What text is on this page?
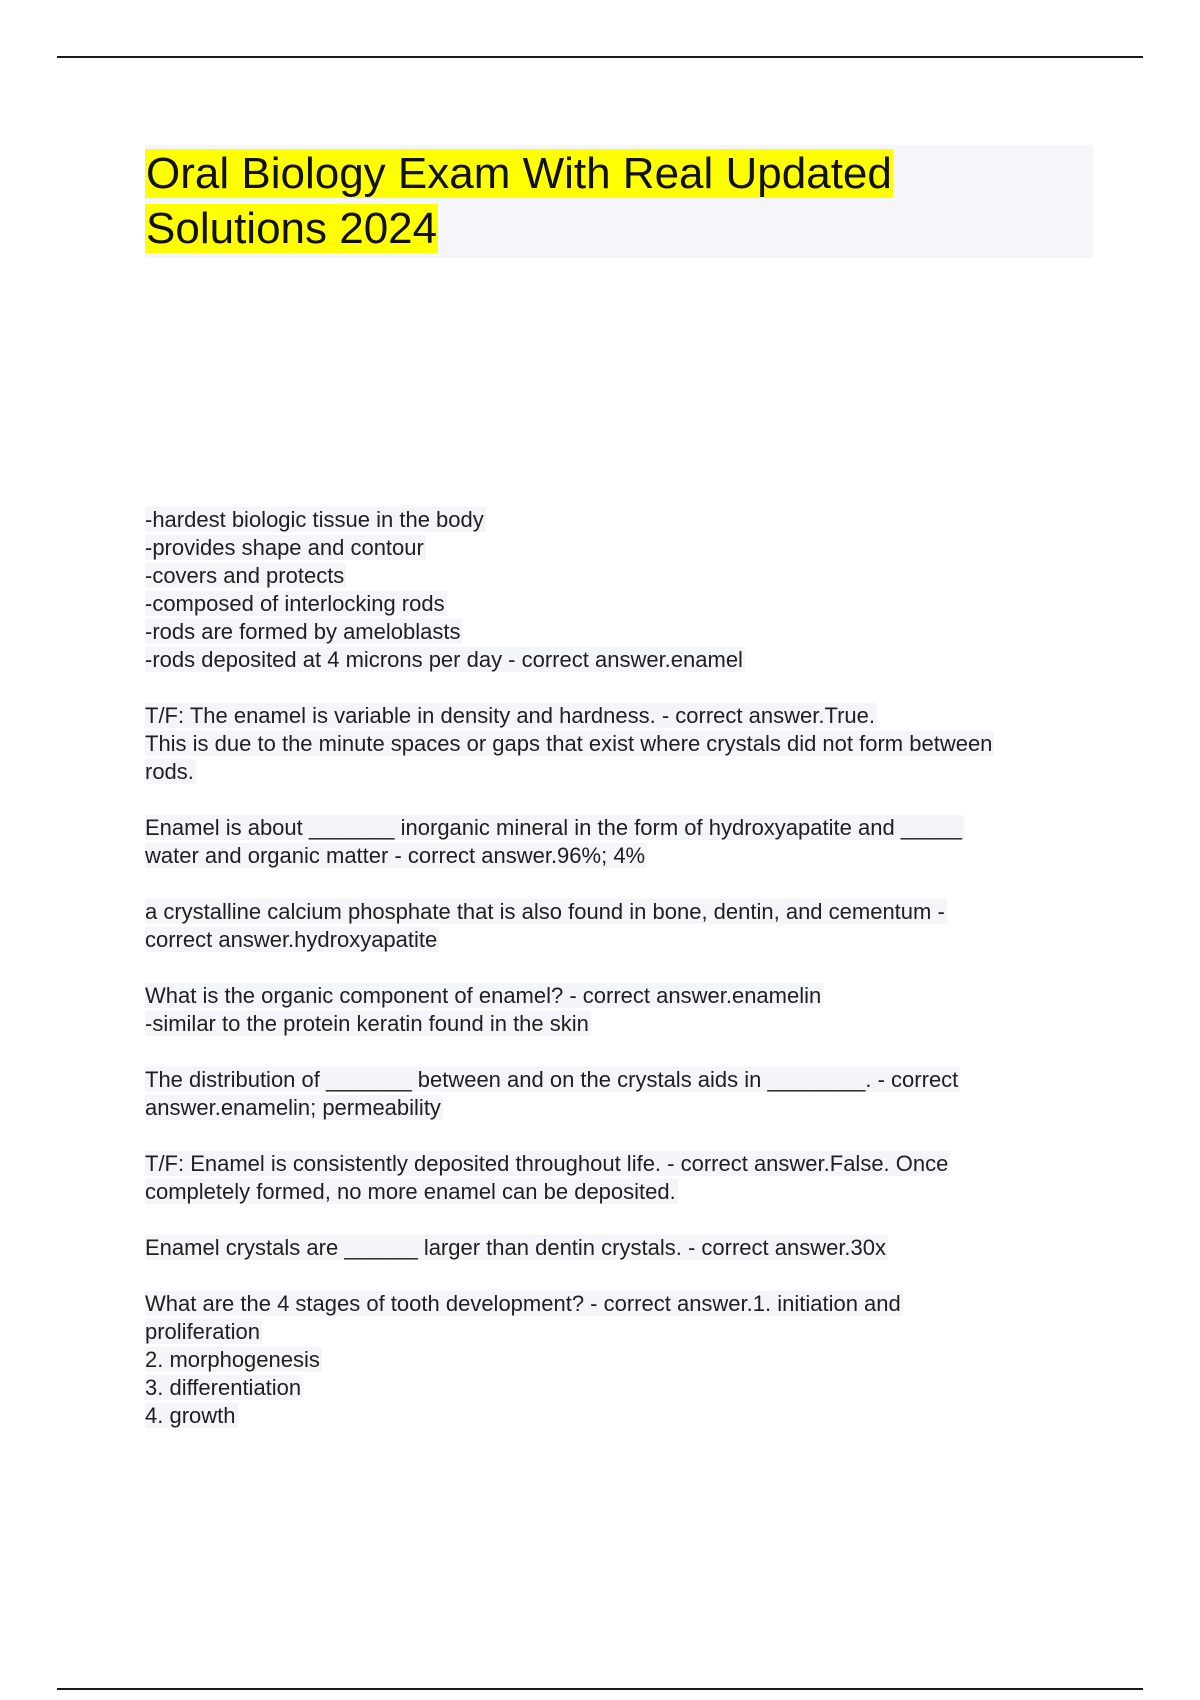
Oral Biology Exam With Real Updated
Solutions 2024
-hardest biologic tissue in the body
-provides shape and contour
-covers and protects
-composed of interlocking rods
-rods are formed by ameloblasts
-rods deposited at 4 microns per day - correct answer.enamel
T/F: The enamel is variable in density and hardness. - correct answer.True.
This is due to the minute spaces or gaps that exist where crystals did not form between
rods.
Enamel is about _______ inorganic mineral in the form of hydroxyapatite and _____
water and organic matter - correct answer.96%; 4%
a crystalline calcium phosphate that is also found in bone, dentin, and cementum -
correct answer.hydroxyapatite
What is the organic component of enamel? - correct answer.enamelin
-similar to the protein keratin found in the skin
The distribution of _______ between and on the crystals aids in ________. - correct
answer.enamelin; permeability
T/F: Enamel is consistently deposited throughout life. - correct answer.False. Once
completely formed, no more enamel can be deposited.
Enamel crystals are ______ larger than dentin crystals. - correct answer.30x
What are the 4 stages of tooth development? - correct answer.1. initiation and
proliferation
2. morphogenesis
3. differentiation
4. growth
